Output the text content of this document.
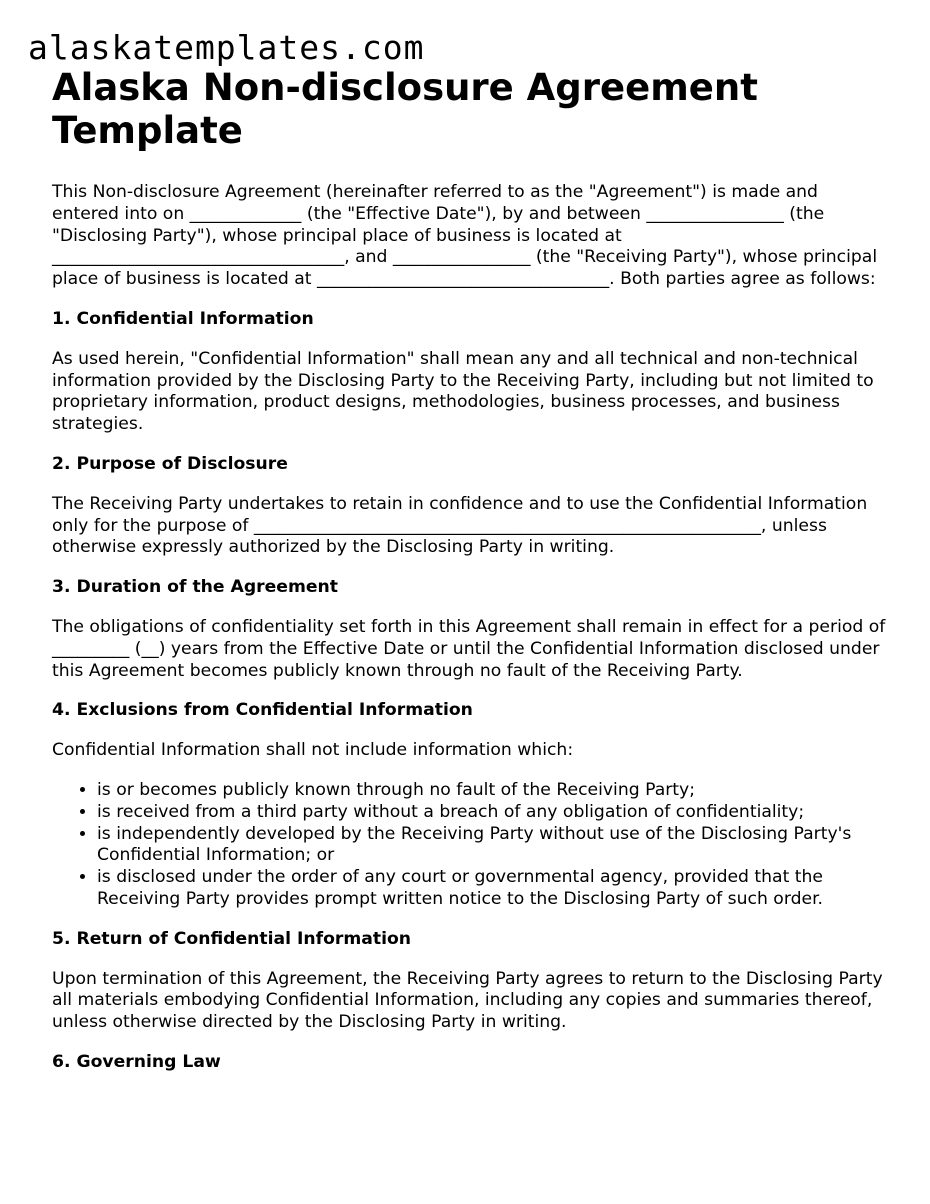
alaskatemplates.com
Alaska Non-disclosure Agreement Template

This Non-disclosure Agreement (hereinafter referred to as the "Agreement") is made and entered into on _____________ (the "Effective Date"), by and between ________________ (the "Disclosing Party"), whose principal place of business is located at __________________________________, and ________________ (the "Receiving Party"), whose principal place of business is located at __________________________________. Both parties agree as follows:

1. Confidential Information

As used herein, "Confidential Information" shall mean any and all technical and non-technical information provided by the Disclosing Party to the Receiving Party, including but not limited to proprietary information, product designs, methodologies, business processes, and business strategies.

2. Purpose of Disclosure

The Receiving Party undertakes to retain in confidence and to use the Confidential Information only for the purpose of ___________________________________________________________, unless otherwise expressly authorized by the Disclosing Party in writing.

3. Duration of the Agreement

The obligations of confidentiality set forth in this Agreement shall remain in effect for a period of _________ (__) years from the Effective Date or until the Confidential Information disclosed under this Agreement becomes publicly known through no fault of the Receiving Party.

4. Exclusions from Confidential Information

Confidential Information shall not include information which:

• is or becomes publicly known through no fault of the Receiving Party;
• is received from a third party without a breach of any obligation of confidentiality;
• is independently developed by the Receiving Party without use of the Disclosing Party's Confidential Information; or
• is disclosed under the order of any court or governmental agency, provided that the Receiving Party provides prompt written notice to the Disclosing Party of such order.
5. Return of Confidential Information

Upon termination of this Agreement, the Receiving Party agrees to return to the Disclosing Party all materials embodying Confidential Information, including any copies and summaries thereof, unless otherwise directed by the Disclosing Party in writing.

6. Governing Law
